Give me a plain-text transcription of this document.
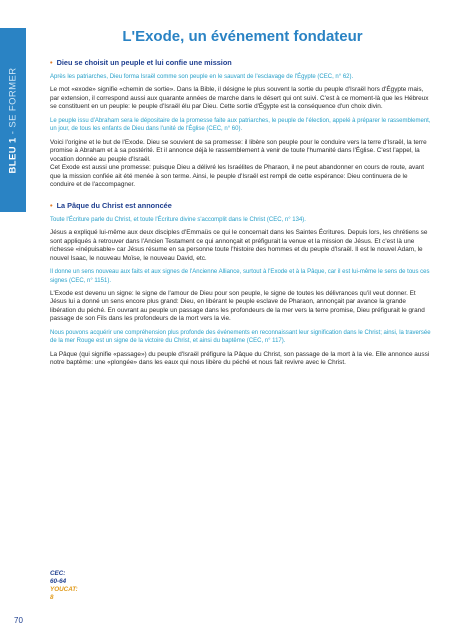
BLEU 1 - SE FORMER
L'Exode, un événement fondateur
• Dieu se choisit un peuple et lui confie une mission

Après les patriarches, Dieu forma Israël comme son peuple en le sauvant de l'esclavage de l'Égypte (CEC, n° 62).

Le mot «exode» signifie «chemin de sortie». Dans la Bible, il désigne le plus souvent la sortie du peuple d'Israël hors d'Égypte mais, par extension, il correspond aussi aux quarante années de marche dans le désert qui ont suivi. C'est à ce moment-là que les Hébreux se constituent en un peuple: le peuple d'Israël élu par Dieu. Cette sortie d'Égypte est la conséquence d'un choix divin.

Le peuple issu d'Abraham sera le dépositaire de la promesse faite aux patriarches, le peuple de l'élection, appelé à préparer le rassemblement, un jour, de tous les enfants de Dieu dans l'unité de l'Église (CEC, n° 60).

Voici l'origine et le but de l'Exode. Dieu se souvient de sa promesse: il libère son peuple pour le conduire vers la terre d'Israël, la terre promise à Abraham et à sa postérité. Et il annonce déjà le rassemblement à venir de toute l'humanité dans l'Église. C'est l'appel, la vocation donnée au peuple d'Israël.

Cet Exode est aussi une promesse: puisque Dieu a délivré les Israélites de Pharaon, il ne peut abandonner en cours de route, avant que la mission confiée ait été menée à son terme. Ainsi, le peuple d'Israël est rempli de cette espérance: Dieu continuera de le conduire et de l'accompagner.

• La Pâque du Christ est annoncée

Toute l'Écriture parle du Christ, et toute l'Écriture divine s'accomplit dans le Christ (CEC, n° 134).

Jésus a expliqué lui-même aux deux disciples d'Emmaüs ce qui le concernait dans les Saintes Écritures. Depuis lors, les chrétiens se sont appliqués à retrouver dans l'Ancien Testament ce qui annonçait et préfigurait la venue et la mission de Jésus. Et c'est là une richesse «inépuisable» car Jésus résume en sa personne toute l'histoire des hommes et du peuple d'Israël. Il est le nouvel Adam, le nouvel Isaac, le nouveau Moïse, le nouveau David, etc.

Il donne un sens nouveau aux faits et aux signes de l'Ancienne Alliance, surtout à l'Exode et à la Pâque, car il est lui-même le sens de tous ces signes (CEC, n° 1151).

L'Exode est devenu un signe: le signe de l'amour de Dieu pour son peuple, le signe de toutes les délivrances qu'il veut donner. Et Jésus lui a donné un sens encore plus grand: Dieu, en libérant le peuple esclave de Pharaon, annonçait par avance la grande libération du péché. En ouvrant au peuple un passage dans les profondeurs de la mer vers la terre promise, Dieu préfigurait le grand passage de son Fils dans les profondeurs de la mort vers la vie.

Nous pouvons acquérir une compréhension plus profonde des événements en reconnaissant leur signification dans le Christ; ainsi, la traversée de la mer Rouge est un signe de la victoire du Christ, et ainsi du baptême (CEC, n° 117).

La Pâque (qui signifie «passage») du peuple d'Israël préfigure la Pâque du Christ, son passage de la mort à la vie. Elle annonce aussi notre baptême: une «plongée» dans les eaux qui nous libère du péché et nous fait revivre avec le Christ.

CEC:
60-64
YOUCAT:
8
70
